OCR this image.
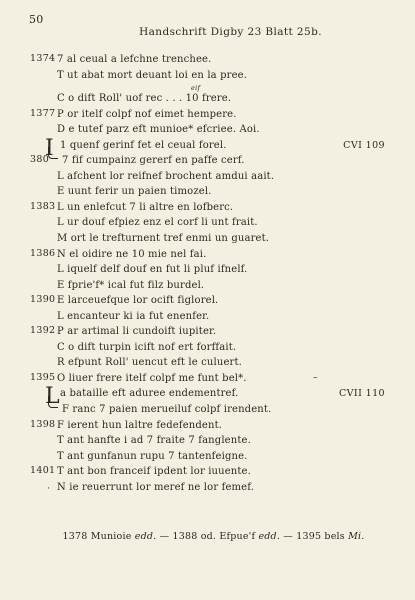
50
Handschrift Digby 23 Blatt 25b.
1374 7 al ceual a lefchne trenchee.
T ut abat mort deuant loi en la pree.
eif
C o dift Roll' uof rec . . . 10 frere.
1377 P or itelf colpf nof eimet hempere.
D e tutef parz eft munioe* efcriee. Aoi.
I 1 quenf gerinf fet el ceual forel.	CVI 109
380	7 fif cumpainz gererf en paffe cerf.
L afchent lor reifnef brochent amdui aait.
E uunt ferir un paien timozel.
1383 L un enlefcut 7 li altre en lofberc.
L ur douf efpiez enz el corf li unt frait.
M ort le trefturnent tref enmi un guaret.
1386 N el oidire ne 10 mie nel fai.
L iquelf delf douf en fut li pluf ifnelf.
E fprie'f* ical fut filz burdel.
1390 E larceuefque lor ocift figlorel.
L encanteur ki ia fut enenfer.
1392 P ar artimal li cundoift iupiter.
C o dift turpin icift nof ert forffait.
R efpunt Roll' uencut eft le culuert.
1395 O liuer frere itelf colpf me funt bel*.	–
L a bataille eft aduree endementref.	CVII 110
F ranc 7 paien merueiluf colpf irendent.
1398 F ierent hun laltre fedefendent.
T ant hanfte i ad 7 fraite 7 fanglente.
T ant gunfanun rupu 7 tantenfeigne.
1401 T ant bon franceif ipdent lor iuuente.
· N ie reuerrunt lor meref ne lor femef.
1378 Munioie edd. — 1388 od. Efpue'f edd. — 1395 bels Mi.
